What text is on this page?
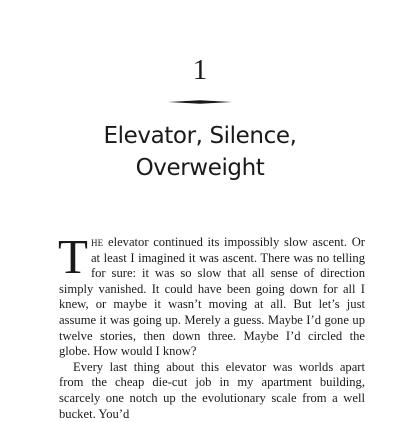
1
Elevator, Silence,
Overweight

The elevator continued its impossibly slow ascent. Or at least I imagined it was ascent. There was no telling for sure: it was so slow that all sense of direction simply vanished. It could have been going down for all I knew, or maybe it wasn’t moving at all. But let’s just assume it was going up. Merely a guess. Maybe I’d gone up twelve stories, then down three. Maybe I’d circled the globe. How would I know?

Every last thing about this elevator was worlds apart from the cheap die-cut job in my apartment building, scarcely one notch up the evolutionary scale from a well bucket. You’d
